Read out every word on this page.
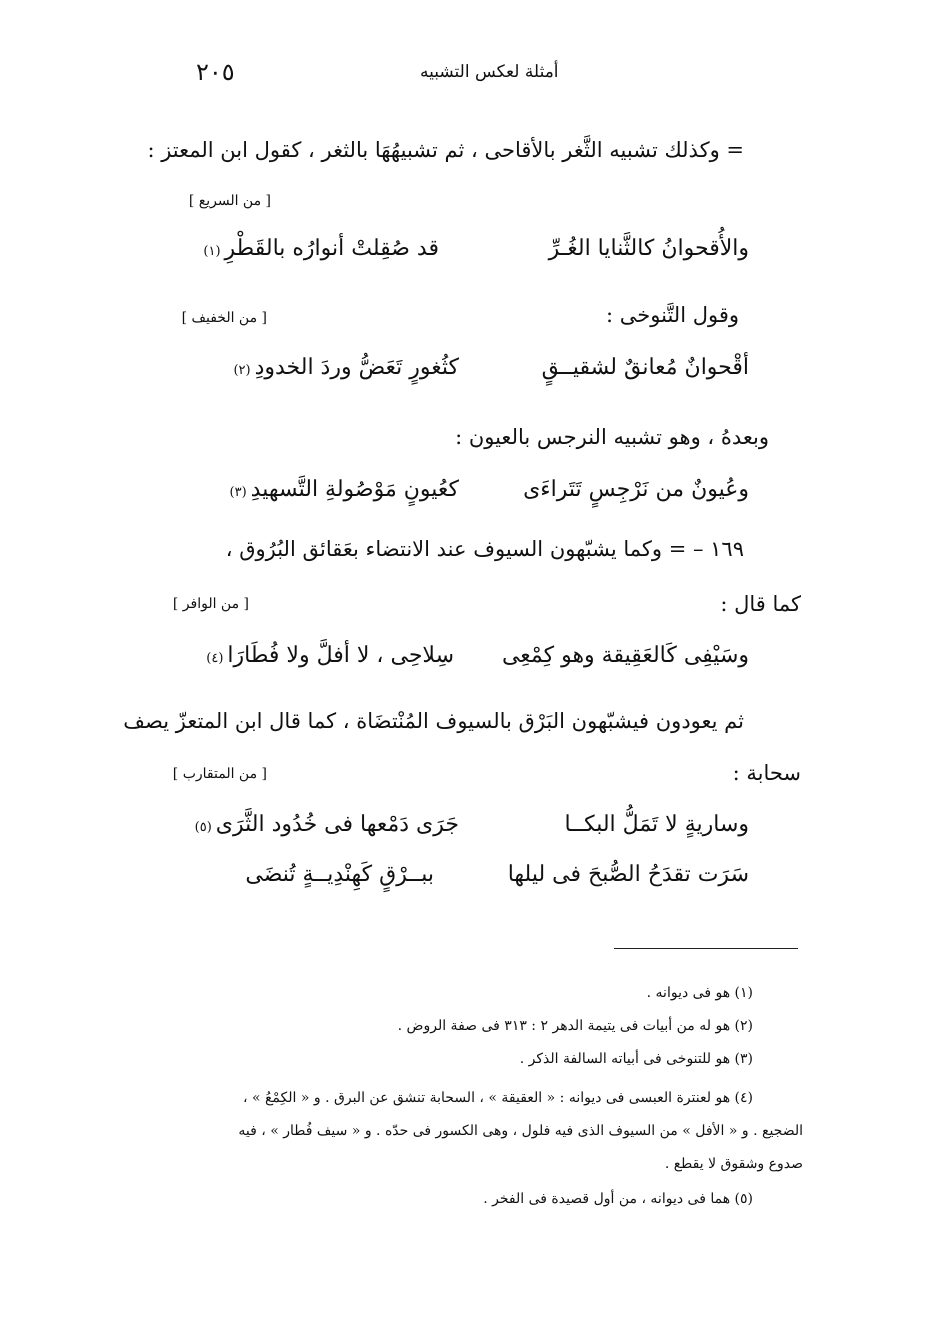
٢٠٥	أمثلة لعكس التشبيه
= وكذلك تشبيه الثَّغر بالأقاحى ، ثم تشبيهُهَا بالثغر ، كقول ابن المعتز :
[ من السريع ]
والأُقحوانُ كالثَّنايا الغُـرِّ
قد صُقِلتْ أنوارُه بالقَطْرِ(١)
وقول التَّنوخى :
[ من الخفيف ]
أقْحوانٌ مُعانقٌ لشقيــقٍ
كثُغورٍ تَعَضُّ وردَ الخدودِ(٢)
وبعدهُ ، وهو تشبيه النرجس بالعيون :
وعُيونٌ من نَرْجِسٍ تَتَراءَى
كعُيونٍ مَوْصُولةِ التَّسهيدِ(٣)
١٦٩ – = وكما يشبّهون السيوف عند الانتضاء بعَقائق البُرُوق ،
كما قال :
[ من الوافر ]
وسَيْفِى كَالعَقِيقة وهو كِمْعِى
سِلاحِى ، لا أفلَّ ولا فُطَارَا(٤)
ثم يعودون فيشبّهون البَرْق بالسيوف المُنْتضَاة ، كما قال ابن المتعزّ يصف
سحابة :
[ من المتقارب ]
وساريةٍ لا تَمَلُّ البكــا
جَرَى دَمْعها فى خُدُود الثَّرَى(٥)
سَرَت تقدَحُ الصُّبحَ فى ليلها
ببــرْقٍ كَهِنْدِيــةٍ تُنضَى
(١) هو فى ديوانه .
(٢) هو له من أبيات فى يتيمة الدهر ٢ : ٣١٣ فى صفة الروض .
(٣) هو للتنوخى فى أبياته السالفة الذكر .
(٤) هو لعنترة العبسى فى ديوانه : « العقيقة » ، السحابة تنشق عن البرق . و « الكِمْعُ » ،
الضجيع . و « الأفل » من السيوف الذى فيه فلول ، وهى الكسور فى حدّه . و « سيف فُطار » ، فيه
صدوع وشقوق لا يقطع .
(٥) هما فى ديوانه ، من أول قصيدة فى الفخر .
